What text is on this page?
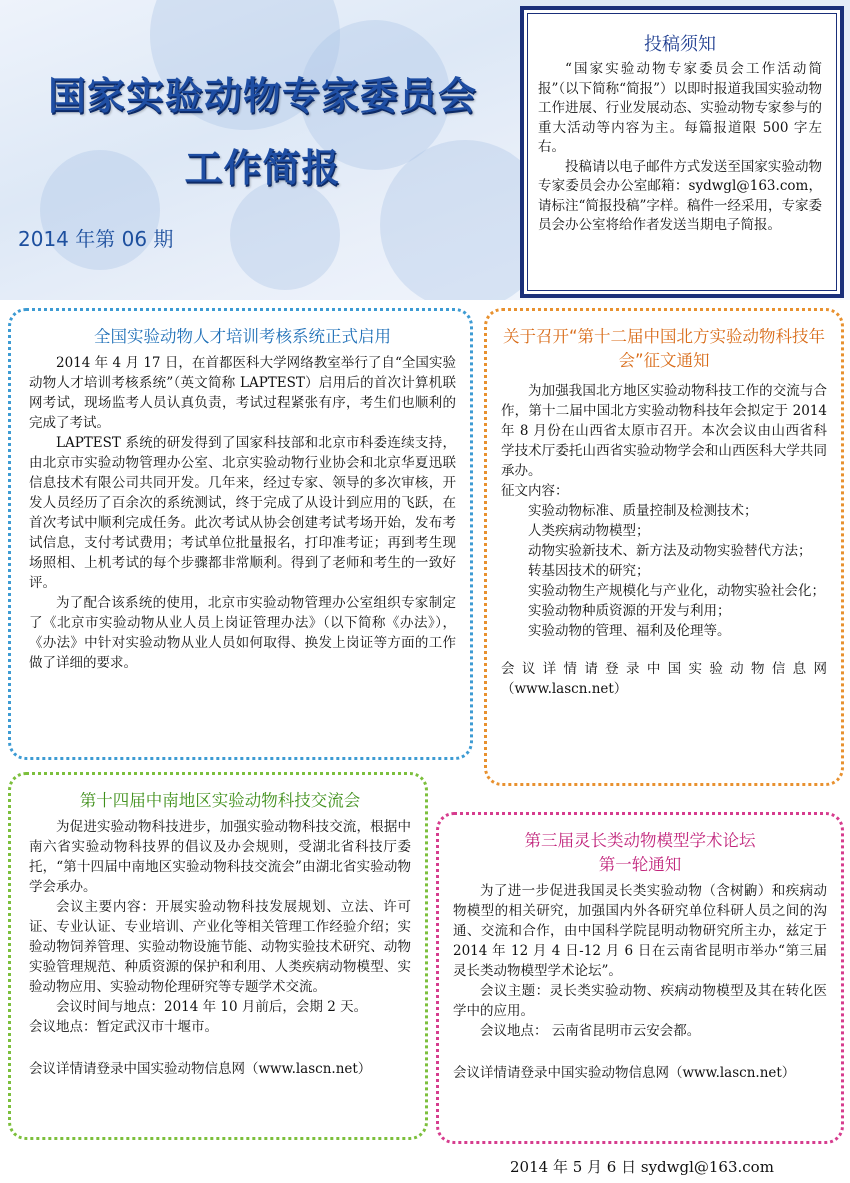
国家实验动物专家委员会
工作简报
2014 年第 06 期
投稿须知

“国家实验动物专家委员会工作活动简报”（以下简称“简报”）以即时报道我国实验动物工作进展、行业发展动态、实验动物专家参与的重大活动等内容为主。每篇报道限 500 字左右。

投稿请以电子邮件方式发送至国家实验动物专家委员会办公室邮箱：sydwgl@163.com，请标注“简报投稿”字样。稿件一经采用，专家委员会办公室将给作者发送当期电子简报。

全国实验动物人才培训考核系统正式启用

2014 年 4 月 17 日，在首都医科大学网络教室举行了自“全国实验动物人才培训考核系统”（英文简称 LAPTEST）启用后的首次计算机联网考试，现场监考人员认真负责，考试过程紧张有序，考生们也顺利的完成了考试。

LAPTEST 系统的研发得到了国家科技部和北京市科委连续支持，由北京市实验动物管理办公室、北京实验动物行业协会和北京华夏迅联信息技术有限公司共同开发。几年来，经过专家、领导的多次审核，开发人员经历了百余次的系统测试，终于完成了从设计到应用的飞跃，在首次考试中顺利完成任务。此次考试从协会创建考试考场开始，发布考试信息，支付考试费用；考试单位批量报名，打印准考证；再到考生现场照相、上机考试的每个步骤都非常顺利。得到了老师和考生的一致好评。

为了配合该系统的使用，北京市实验动物管理办公室组织专家制定了《北京市实验动物从业人员上岗证管理办法》（以下简称《办法》），《办法》中针对实验动物从业人员如何取得、换发上岗证等方面的工作做了详细的要求。

关于召开“第十二届中国北方实验动物科技年会”征文通知

为加强我国北方地区实验动物科技工作的交流与合作，第十二届中国北方实验动物科技年会拟定于 2014 年 8 月份在山西省太原市召开。本次会议由山西省科学技术厅委托山西省实验动物学会和山西医科大学共同承办。

征文内容：

实验动物标准、质量控制及检测技术；

人类疾病动物模型；

动物实验新技术、新方法及动物实验替代方法；

转基因技术的研究；

实验动物生产规模化与产业化，动物实验社会化；

实验动物种质资源的开发与利用；

实验动物的管理、福利及伦理等。

会议详情请登录中国实验动物信息网（www.lascn.net）

第十四届中南地区实验动物科技交流会

为促进实验动物科技进步，加强实验动物科技交流，根据中南六省实验动物科技界的倡议及办会规则，受湖北省科技厅委托，“第十四届中南地区实验动物科技交流会”由湖北省实验动物学会承办。

会议主要内容：开展实验动物科技发展规划、立法、许可证、专业认证、专业培训、产业化等相关管理工作经验介绍；实验动物饲养管理、实验动物设施节能、动物实验技术研究、动物实验管理规范、种质资源的保护和利用、人类疾病动物模型、实验动物应用、实验动物伦理研究等专题学术交流。

会议时间与地点：2014 年 10 月前后，会期 2 天。

会议地点：暂定武汉市十堰市。

会议详情请登录中国实验动物信息网（www.lascn.net）

第三届灵长类动物模型学术论坛
第一轮通知

为了进一步促进我国灵长类实验动物（含树鼩）和疾病动物模型的相关研究，加强国内外各研究单位科研人员之间的沟通、交流和合作，由中国科学院昆明动物研究所主办，兹定于 2014 年 12 月 4 日-12 月 6 日在云南省昆明市举办“第三届灵长类动物模型学术论坛”。

会议主题：灵长类实验动物、疾病动物模型及其在转化医学中的应用。

会议地点： 云南省昆明市云安会都。

会议详情请登录中国实验动物信息网（www.lascn.net）

2014 年 5 月 6 日 sydwgl@163.com
